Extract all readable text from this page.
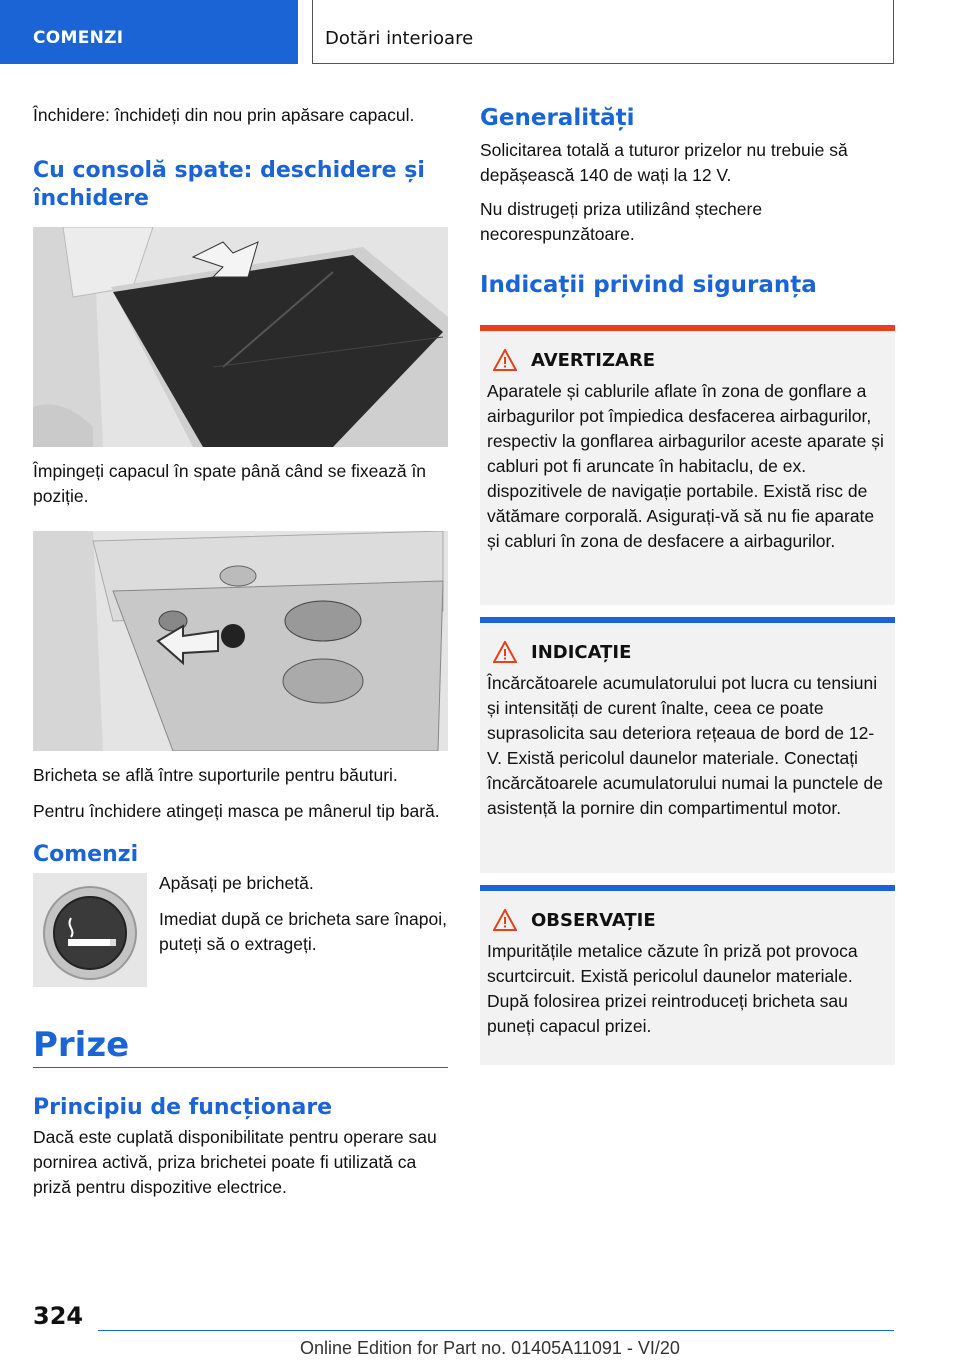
COMENZI	Dotări interioare

Închidere: închideți din nou prin apăsare capacul.

Cu consolă spate: deschidere și închidere

Împingeți capacul în spate până când se fixează în poziție.

Bricheta se află între suporturile pentru băuturi.

Pentru închidere atingeți masca pe mânerul tip bară.

Comenzi

Apăsați pe brichetă.

Imediat după ce bricheta sare înapoi, puteți să o extrageți.

Prize
Principiu de funcționare

Dacă este cuplată disponibilitate pentru operare sau pornirea activă, priza brichetei poate fi utilizată ca priză pentru dispozitive electrice.

Generalități

Solicitarea totală a tuturor prizelor nu trebuie să depășească 140 de wați la 12 V.

Nu distrugeți priza utilizând ștechere necorespunzătoare.

Indicații privind siguranța
AVERTIZARE

Aparatele și cablurile aflate în zona de gonflare a airbagurilor pot împiedica desfacerea airbagurilor, respectiv la gonflarea airbagurilor aceste aparate și cabluri pot fi aruncate în habitaclu, de ex. dispozitivele de navigație portabile. Există risc de vătămare corporală. Asigurați-vă să nu fie aparate și cabluri în zona de desfacere a airbagurilor.

INDICAȚIE

Încărcătoarele acumulatorului pot lucra cu tensiuni și intensități de curent înalte, ceea ce poate suprasolicita sau deteriora rețeaua de bord de 12-V. Există pericolul daunelor materiale. Conectați încărcătoarele acumulatorului numai la punctele de asistență la pornire din compartimentul motor.

OBSERVAȚIE

Impuritățile metalice căzute în priză pot provoca scurtcircuit. Există pericolul daunelor materiale. După folosirea prizei reintroduceți bricheta sau puneți capacul prizei.

324
Online Edition for Part no. 01405A11091 - VI/20
